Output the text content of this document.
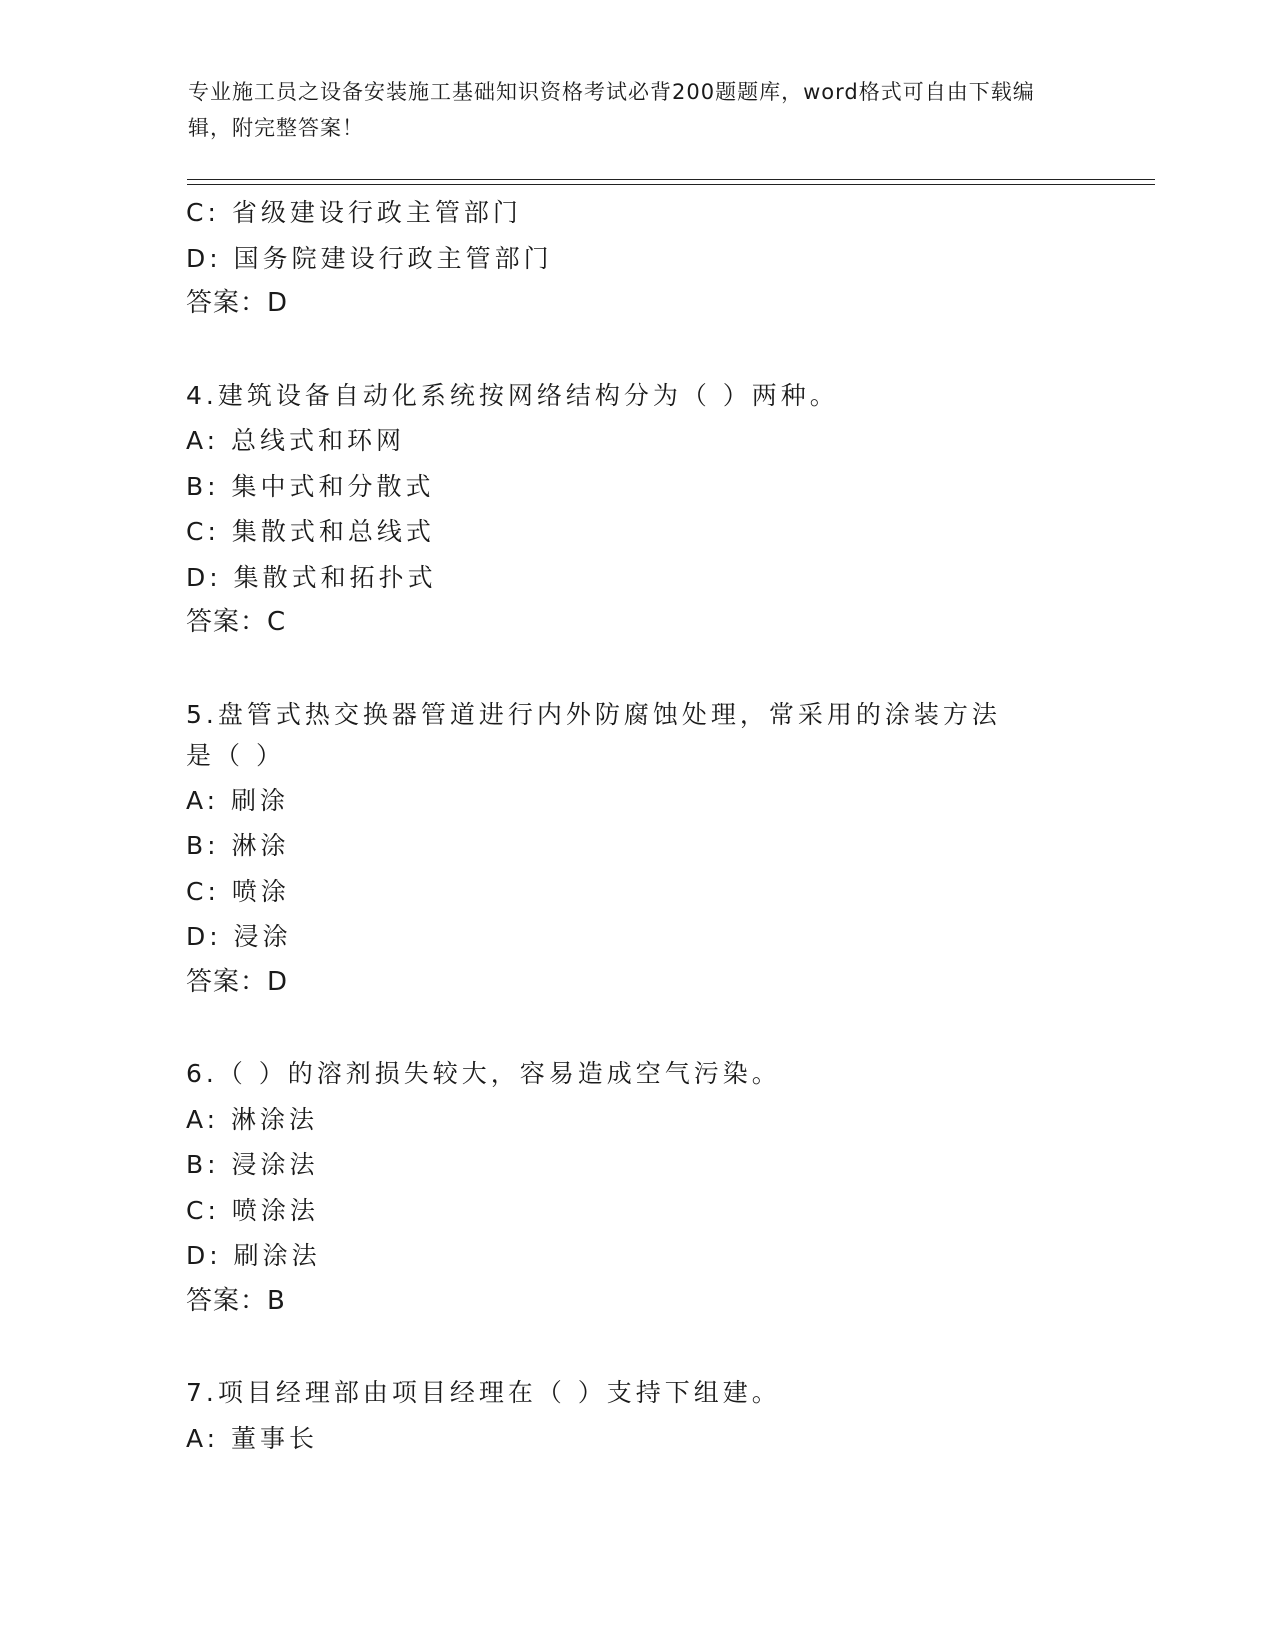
专业施工员之设备安装施工基础知识资格考试必背200题题库，word格式可自由下载编辑，附完整答案！
C: 省级建设行政主管部门
D: 国务院建设行政主管部门
答案：D
4.建筑设备自动化系统按网络结构分为（ ）两种。
A: 总线式和环网
B: 集中式和分散式
C: 集散式和总线式
D: 集散式和拓扑式
答案：C
5.盘管式热交换器管道进行内外防腐蚀处理，常采用的涂装方法是（ ）
A: 刷涂
B: 淋涂
C: 喷涂
D: 浸涂
答案：D
6.（ ）的溶剂损失较大，容易造成空气污染。
A: 淋涂法
B: 浸涂法
C: 喷涂法
D: 刷涂法
答案：B
7.项目经理部由项目经理在（ ）支持下组建。
A: 董事长
